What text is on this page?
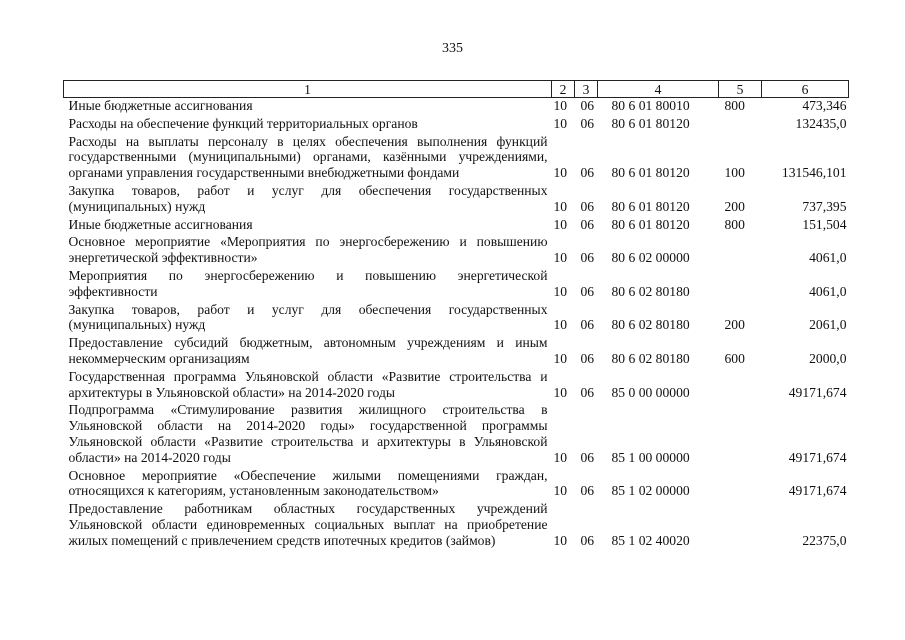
335
1	2	3	4	5	6
Иные бюджетные ассигнования	10	06	80 6 01 80010	800	473,346
Расходы на обеспечение функций территориальных органов	10	06	80 6 01 80120		132435,0
Расходы на выплаты персоналу в целях обеспечения выполнения функций государственными (муниципальными) органами, казёнными учреждениями, органами управления государственными внебюджетными фондами	10	06	80 6 01 80120	100	131546,101
Закупка товаров, работ и услуг для обеспечения государственных (муниципальных) нужд	10	06	80 6 01 80120	200	737,395
Иные бюджетные ассигнования	10	06	80 6 01 80120	800	151,504
Основное мероприятие «Мероприятия по энергосбережению и повышению энергетической эффективности»	10	06	80 6 02 00000		4061,0
Мероприятия по энергосбережению и повышению энергетической эффективности	10	06	80 6 02 80180		4061,0
Закупка товаров, работ и услуг для обеспечения государственных (муниципальных) нужд	10	06	80 6 02 80180	200	2061,0
Предоставление субсидий бюджетным, автономным учреждениям и иным некоммерческим организациям	10	06	80 6 02 80180	600	2000,0
Государственная программа Ульяновской области «Развитие строительства и архитектуры в Ульяновской области» на 2014-2020 годы	10	06	85 0 00 00000		49171,674
Подпрограмма «Стимулирование развития жилищного строительства в Ульяновской области на 2014-2020 годы» государственной программы Ульяновской области «Развитие строительства и архитектуры в Ульяновской области» на 2014-2020 годы	10	06	85 1 00 00000		49171,674
Основное мероприятие «Обеспечение жилыми помещениями граждан, относящихся к категориям, установленным законодательством»	10	06	85 1 02 00000		49171,674
Предоставление работникам областных государственных учреждений Ульяновской области единовременных социальных выплат на приобретение жилых помещений с привлечением средств ипотечных кредитов (займов)	10	06	85 1 02 40020		22375,0
